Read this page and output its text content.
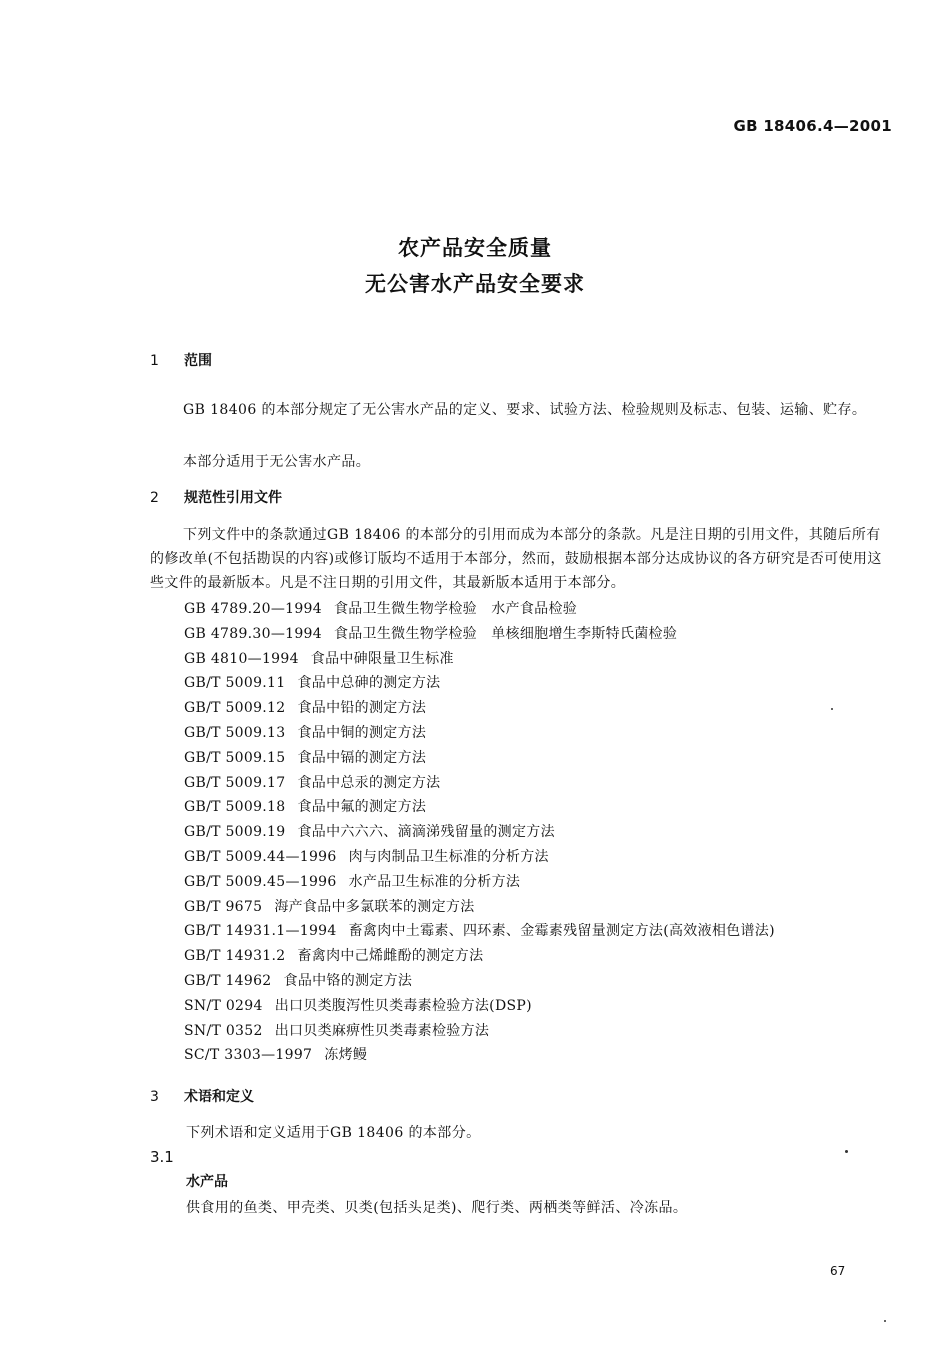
GB 18406.4—2001
农产品安全质量
无公害水产品安全要求
1 范围
GB 18406 的本部分规定了无公害水产品的定义、要求、试验方法、检验规则及标志、包装、运输、贮存。
本部分适用于无公害水产品。
2 规范性引用文件
下列文件中的条款通过GB 18406 的本部分的引用而成为本部分的条款。凡是注日期的引用文件，其随后所有的修改单(不包括勘误的内容)或修订版均不适用于本部分，然而，鼓励根据本部分达成协议的各方研究是否可使用这些文件的最新版本。凡是不注日期的引用文件，其最新版本适用于本部分。
GB 4789.20—1994 食品卫生微生物学检验　水产食品检验
GB 4789.30—1994 食品卫生微生物学检验　单核细胞增生李斯特氏菌检验
GB 4810—1994 食品中砷限量卫生标准
GB/T 5009.11 食品中总砷的测定方法
GB/T 5009.12 食品中铅的测定方法
GB/T 5009.13 食品中铜的测定方法
GB/T 5009.15 食品中镉的测定方法
GB/T 5009.17 食品中总汞的测定方法
GB/T 5009.18 食品中氟的测定方法
GB/T 5009.19 食品中六六六、滴滴涕残留量的测定方法
GB/T 5009.44—1996 肉与肉制品卫生标准的分析方法
GB/T 5009.45—1996 水产品卫生标准的分析方法
GB/T 9675 海产食品中多氯联苯的测定方法
GB/T 14931.1—1994 畜禽肉中土霉素、四环素、金霉素残留量测定方法(高效液相色谱法)
GB/T 14931.2 畜禽肉中己烯雌酚的测定方法
GB/T 14962 食品中铬的测定方法
SN/T 0294 出口贝类腹泻性贝类毒素检验方法(DSP)
SN/T 0352 出口贝类麻痹性贝类毒素检验方法
SC/T 3303—1997 冻烤鳗
3 术语和定义
下列术语和定义适用于GB 18406 的本部分。
3.1
水产品
供食用的鱼类、甲壳类、贝类(包括头足类)、爬行类、两栖类等鲜活、冷冻品。
67
